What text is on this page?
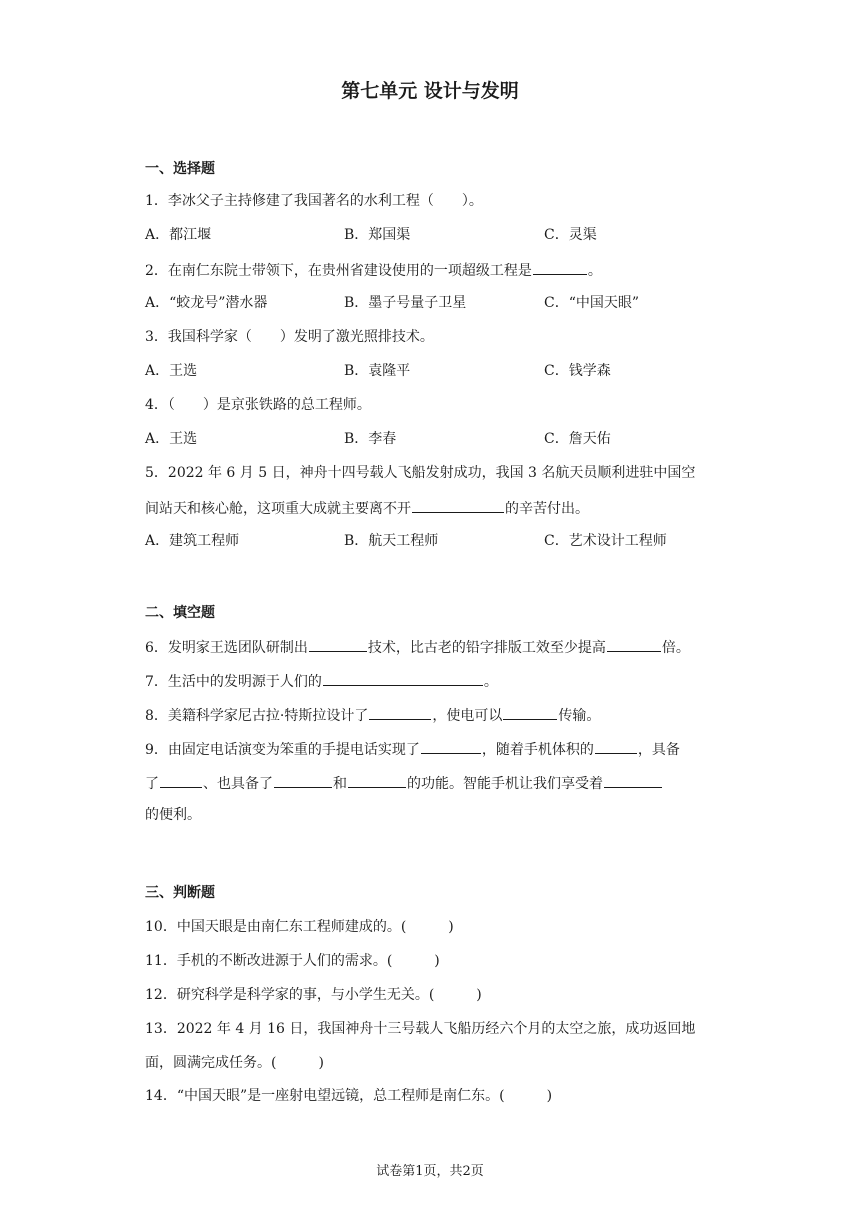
第七单元 设计与发明
一、选择题
1．李冰父子主持修建了我国著名的水利工程（　　）。
A．都江堰	B．郑国渠	C．灵渠
2．在南仁东院士带领下，在贵州省建设使用的一项超级工程是	。
A．“蛟龙号”潜水器	B．墨子号量子卫星	C．“中国天眼”
3．我国科学家（　　）发明了激光照排技术。
A．王选	B．袁隆平	C．钱学森
4．（　　）是京张铁路的总工程师。
A．王选	B．李春	C．詹天佑
5．2022 年 6 月 5 日，神舟十四号载人飞船发射成功，我国 3 名航天员顺利进驻中国空
间站天和核心舱，这项重大成就主要离不开	的辛苦付出。
A．建筑工程师	B．航天工程师	C．艺术设计工程师
二、填空题
6．发明家王选团队研制出	技术，比古老的铅字排版工效至少提高	倍。
7．生活中的发明源于人们的	。
8．美籍科学家尼古拉·特斯拉设计了	，使电可以	传输。
9．由固定电话演变为笨重的手提电话实现了	，随着手机体积的	，具备
了	、也具备了	和	的功能。智能手机让我们享受着
的便利。
三、判断题
10．中国天眼是由南仁东工程师建成的。(　　　)
11．手机的不断改进源于人们的需求。(　　　)
12．研究科学是科学家的事，与小学生无关。(　　　)
13．2022 年 4 月 16 日，我国神舟十三号载人飞船历经六个月的太空之旅，成功返回地
面，圆满完成任务。(　　　)
14．“中国天眼”是一座射电望远镜，总工程师是南仁东。(　　　)
试卷第1页，共2页
